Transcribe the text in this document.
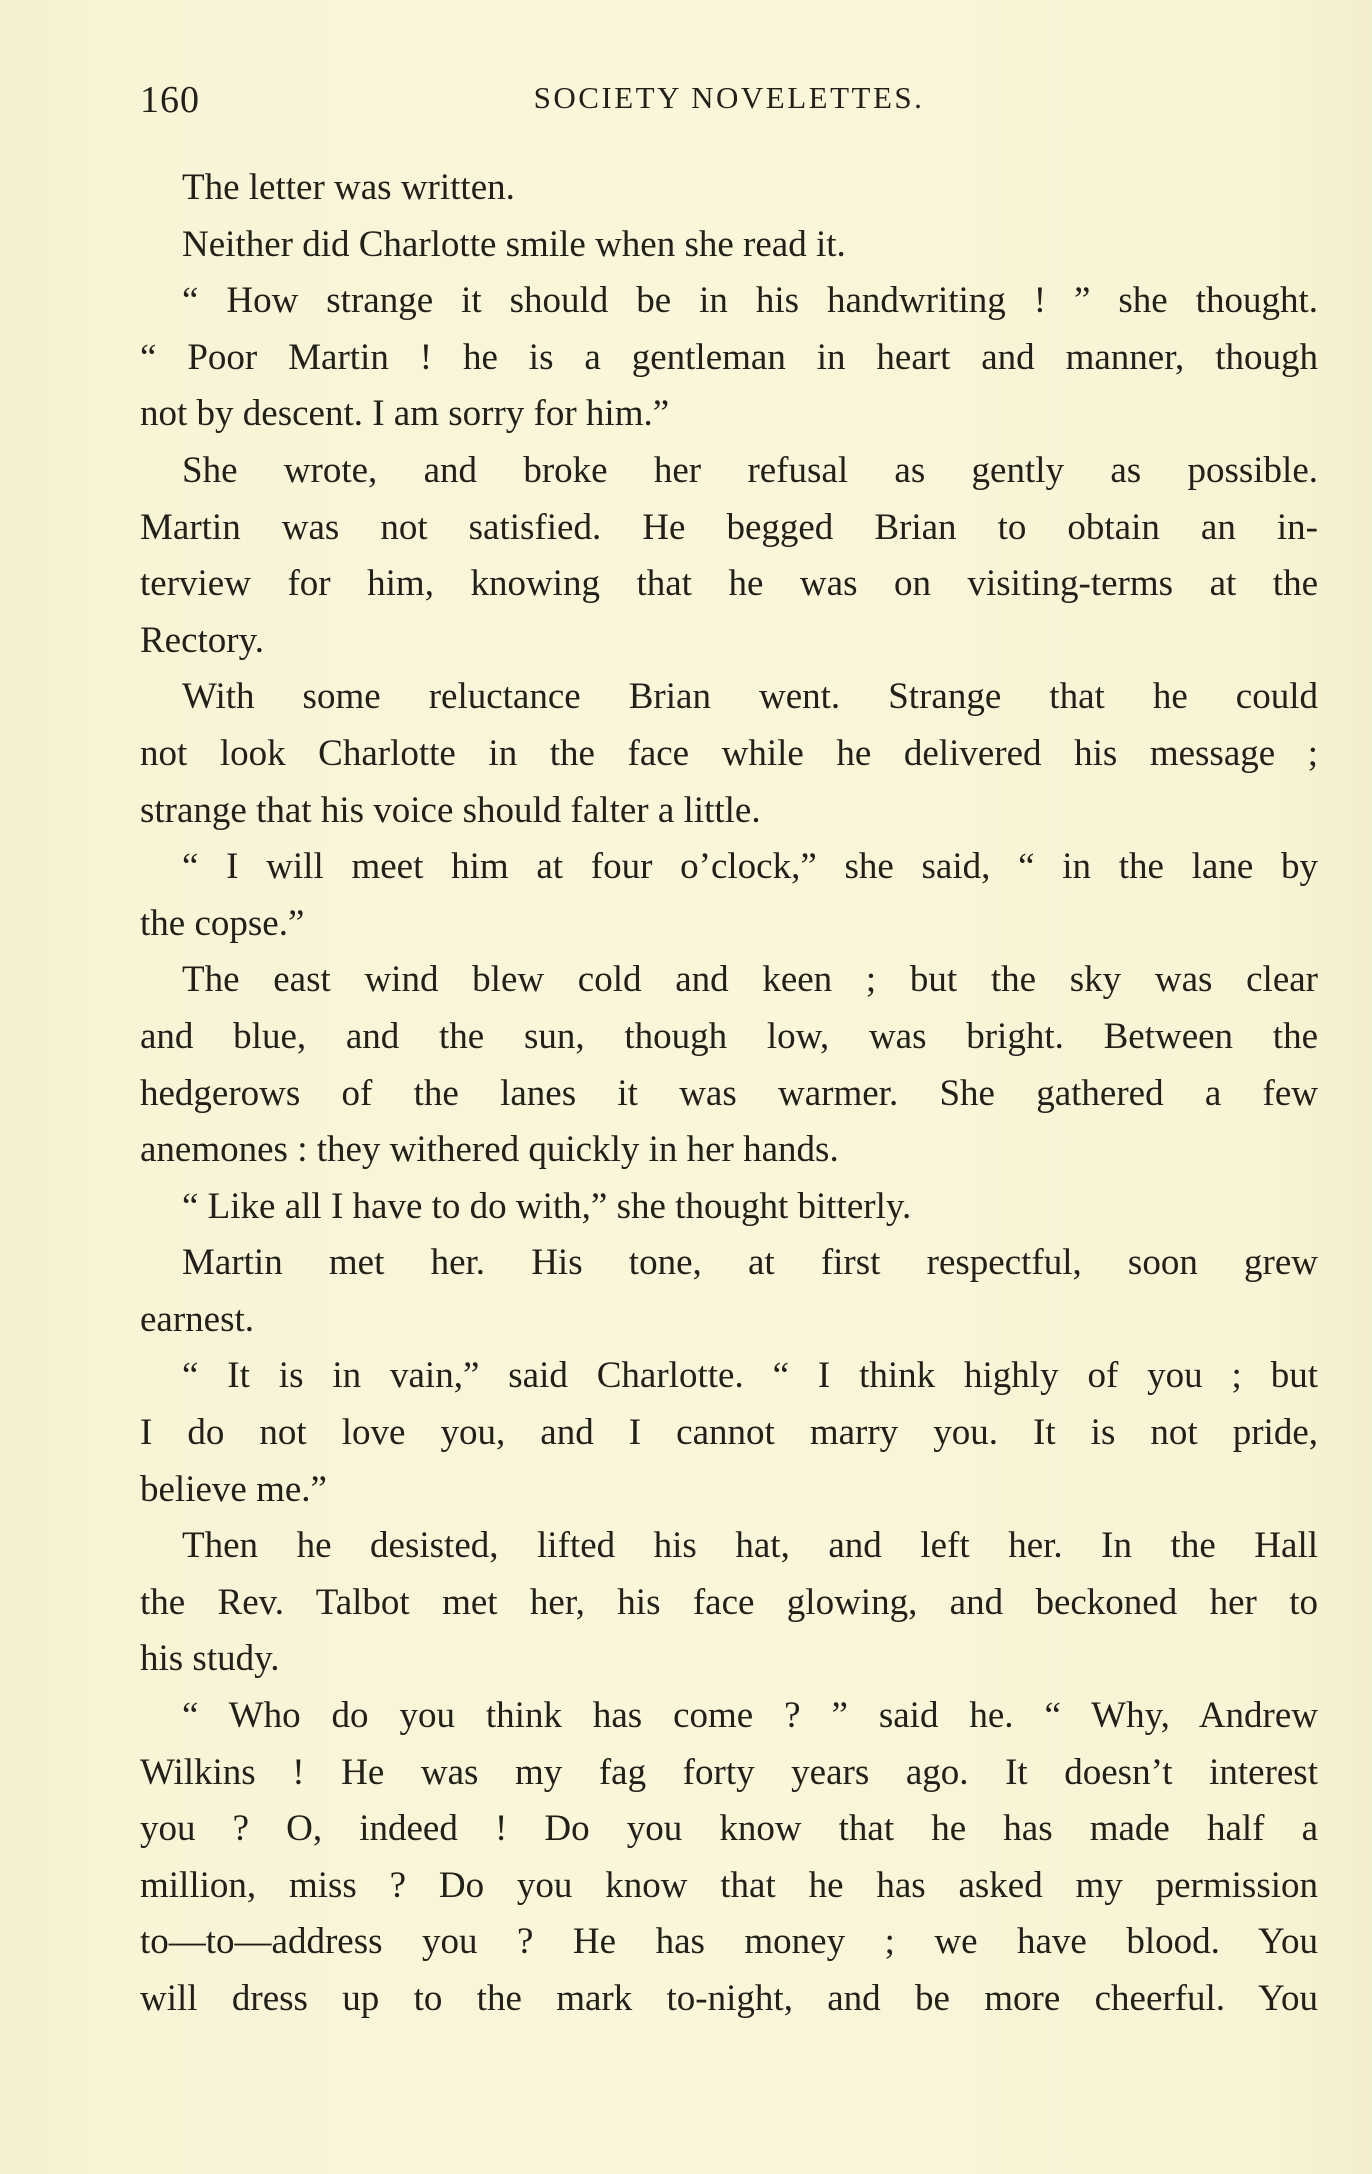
160	SOCIETY NOVELETTES.
The letter was written.
Neither did Charlotte smile when she read it.
“ How strange it should be in his handwriting ! ” she thought.
“ Poor Martin ! he is a gentleman in heart and manner, though
not by descent. I am sorry for him.”
She wrote, and broke her refusal as gently as possible.
Martin was not satisfied. He begged Brian to obtain an in-
terview for him, knowing that he was on visiting-terms at the
Rectory.
With some reluctance Brian went. Strange that he could
not look Charlotte in the face while he delivered his message ;
strange that his voice should falter a little.
“ I will meet him at four o’clock,” she said, “ in the lane by
the copse.”
The east wind blew cold and keen ; but the sky was clear
and blue, and the sun, though low, was bright. Between the
hedgerows of the lanes it was warmer. She gathered a few
anemones : they withered quickly in her hands.
“ Like all I have to do with,” she thought bitterly.
Martin met her. His tone, at first respectful, soon grew
earnest.
“ It is in vain,” said Charlotte. “ I think highly of you ; but
I do not love you, and I cannot marry you. It is not pride,
believe me.”
Then he desisted, lifted his hat, and left her. In the Hall
the Rev. Talbot met her, his face glowing, and beckoned her to
his study.
“ Who do you think has come ? ” said he. “ Why, Andrew
Wilkins ! He was my fag forty years ago. It doesn’t interest
you ? O, indeed ! Do you know that he has made half a
million, miss ? Do you know that he has asked my permission
to—to—address you ? He has money ; we have blood. You
will dress up to the mark to-night, and be more cheerful. You
